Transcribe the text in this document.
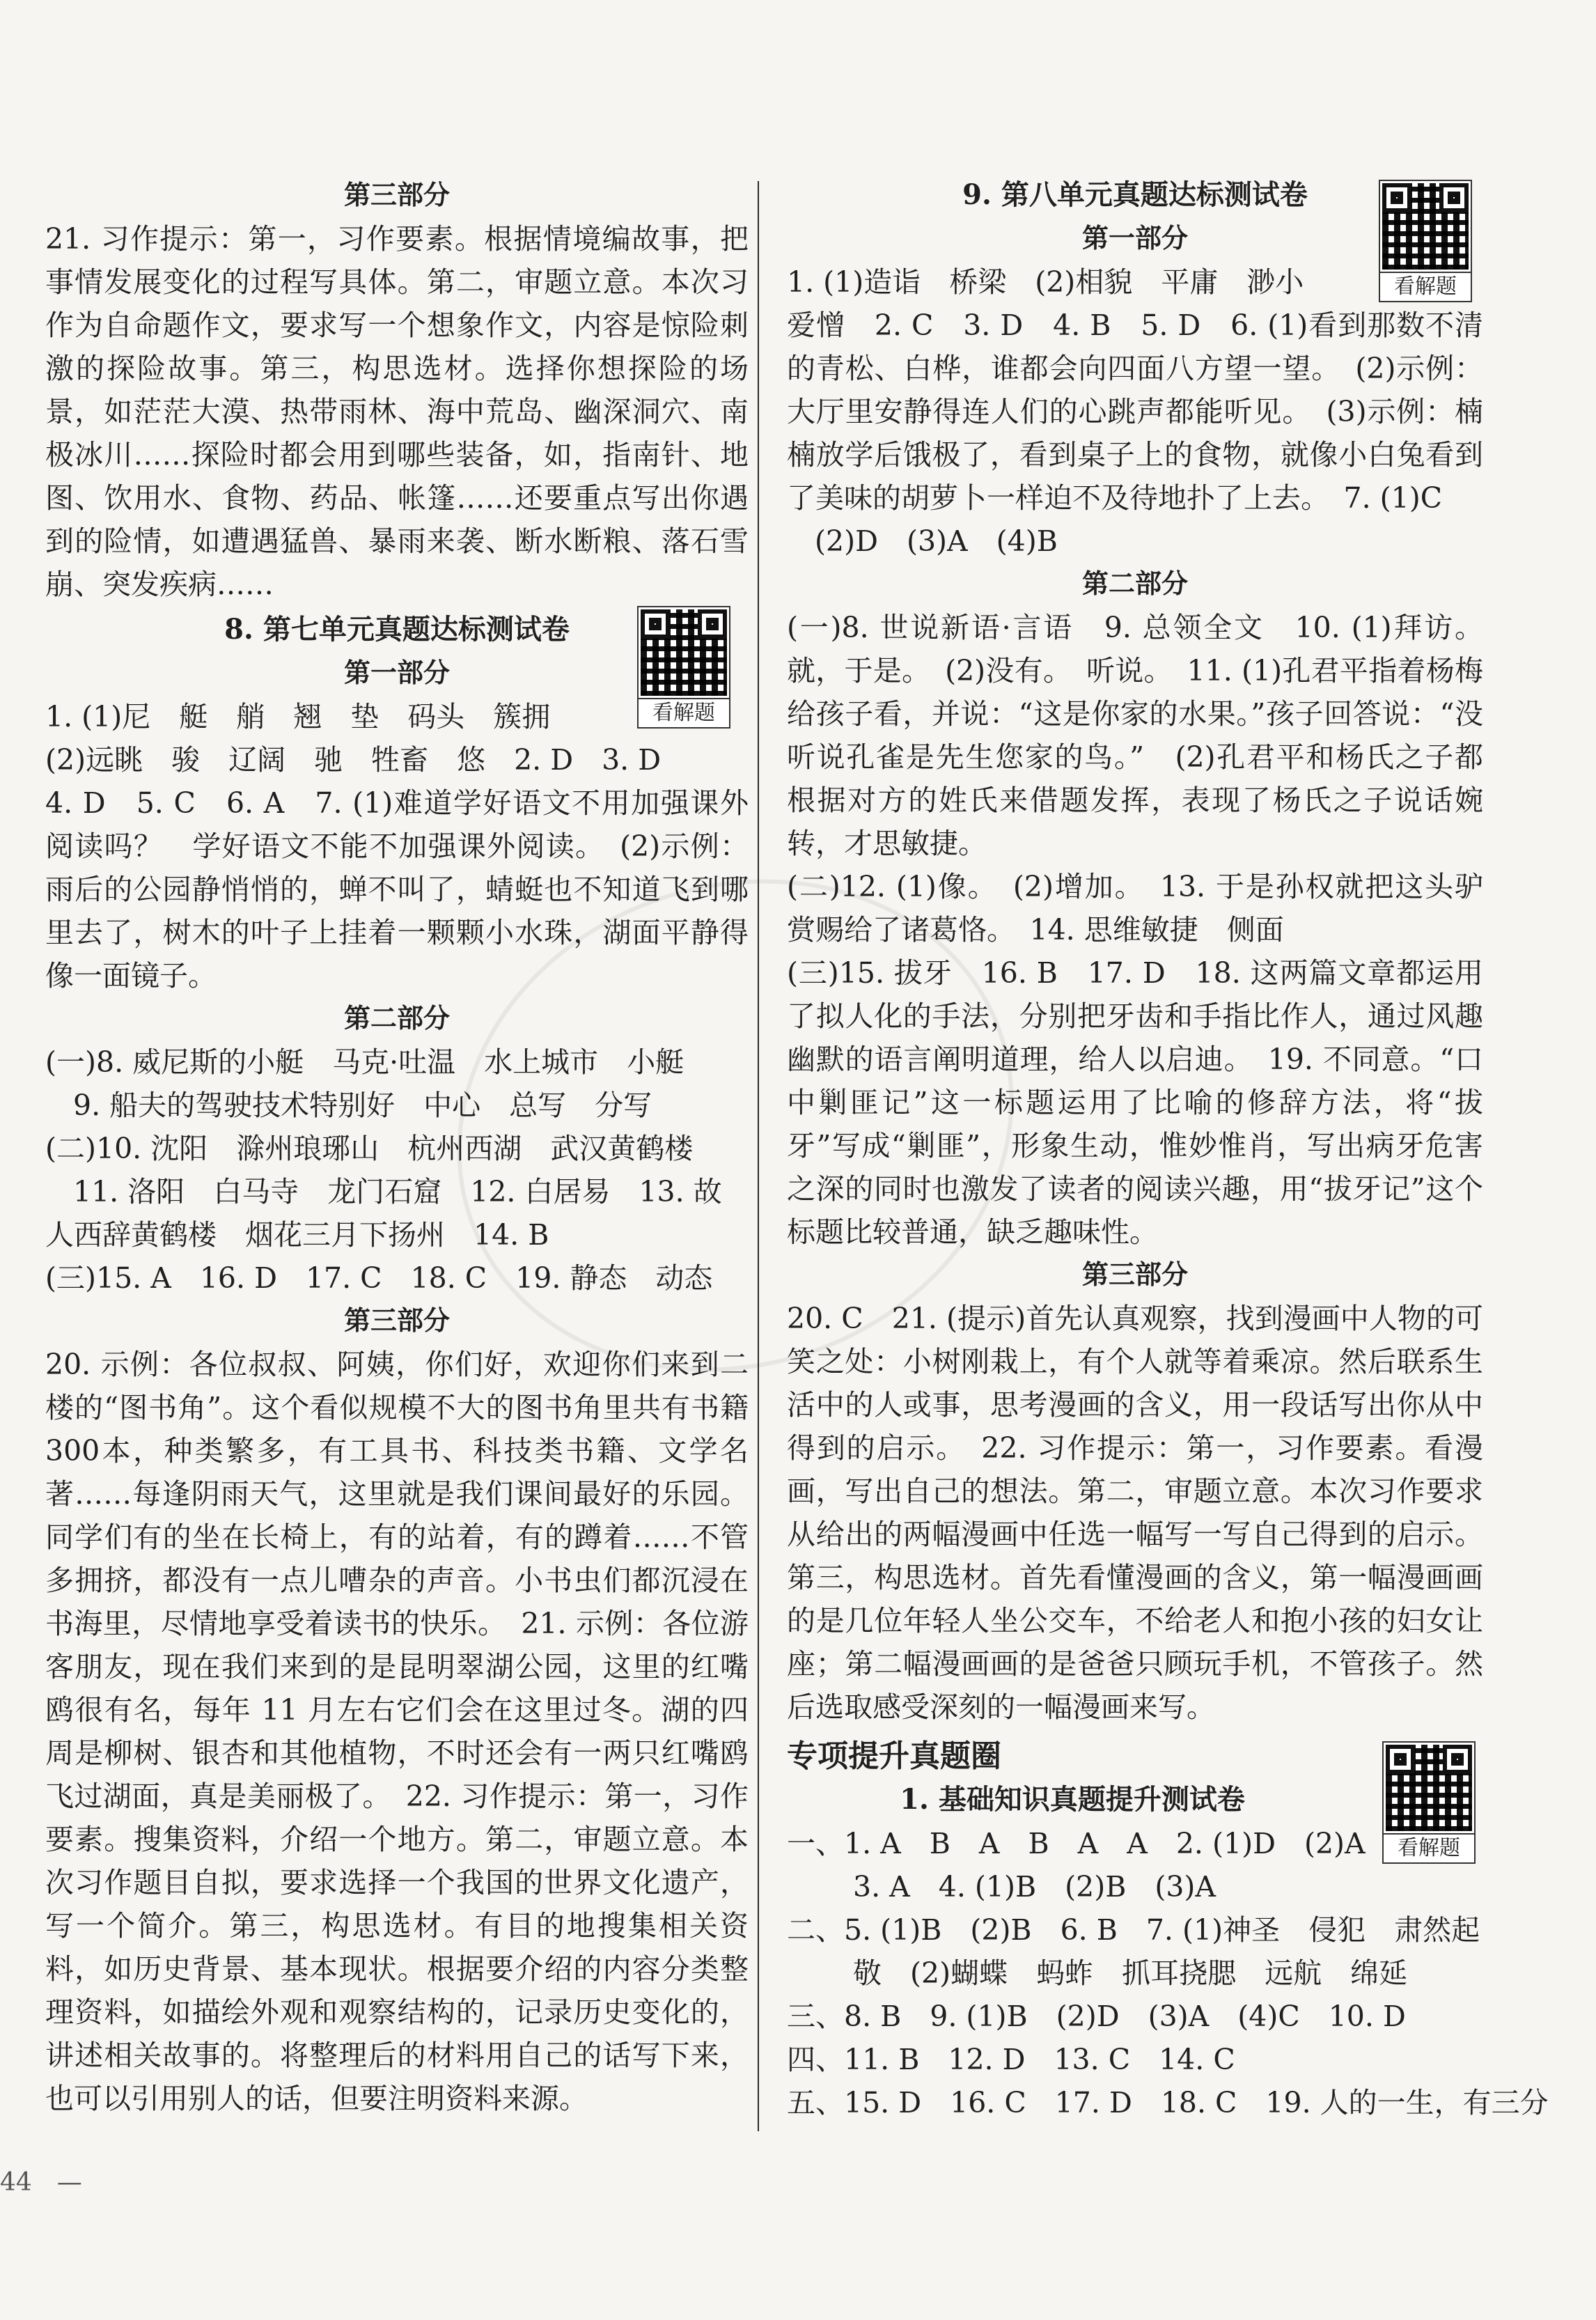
第三部分

21. 习作提示：第一，习作要素。根据情境编故事，把事情发展变化的过程写具体。第二，审题立意。本次习作为自命题作文，要求写一个想象作文，内容是惊险刺激的探险故事。第三，构思选材。选择你想探险的场景，如茫茫大漠、热带雨林、海中荒岛、幽深洞穴、南极冰川……探险时都会用到哪些装备，如，指南针、地图、饮用水、食物、药品、帐篷……还要重点写出你遇到的险情，如遭遇猛兽、暴雨来袭、断水断粮、落石雪崩、突发疾病……

8. 第七单元真题达标测试卷
第一部分
1. (1)尼　艇　艄　翘　垫　码头　簇拥
(2)远眺　骏　辽阔　驰　牲畜　悠　2. D　3. D

4. D　5. C　6. A　7. (1)难道学好语文不用加强课外阅读吗？　学好语文不能不加强课外阅读。　(2)示例：雨后的公园静悄悄的，蝉不叫了，蜻蜓也不知道飞到哪里去了，树木的叶子上挂着一颗颗小水珠，湖面平静得像一面镜子。

第二部分
(一)8. 威尼斯的小艇　马克·吐温　水上城市　小艇
9. 船夫的驾驶技术特别好　中心　总写　分写
(二)10. 沈阳　滁州琅琊山　杭州西湖　武汉黄鹤楼
11. 洛阳　白马寺　龙门石窟　12. 白居易　13. 故
人西辞黄鹤楼　烟花三月下扬州　14. B
(三)15. A　16. D　17. C　18. C　19. 静态　动态
第三部分

20. 示例：各位叔叔、阿姨，你们好，欢迎你们来到二楼的“图书角”。这个看似规模不大的图书角里共有书籍300本，种类繁多，有工具书、科技类书籍、文学名著……每逢阴雨天气，这里就是我们课间最好的乐园。同学们有的坐在长椅上，有的站着，有的蹲着……不管多拥挤，都没有一点儿嘈杂的声音。小书虫们都沉浸在书海里，尽情地享受着读书的快乐。　21. 示例：各位游客朋友，现在我们来到的是昆明翠湖公园，这里的红嘴鸥很有名，每年 11 月左右它们会在这里过冬。湖的四周是柳树、银杏和其他植物，不时还会有一两只红嘴鸥飞过湖面，真是美丽极了。　22. 习作提示：第一，习作要素。搜集资料，介绍一个地方。第二，审题立意。本次习作题目自拟，要求选择一个我国的世界文化遗产，写一个简介。第三，构思选材。有目的地搜集相关资料，如历史背景、基本现状。根据要介绍的内容分类整理资料，如描绘外观和观察结构的，记录历史变化的，讲述相关故事的。将整理后的材料用自己的话写下来，也可以引用别人的话，但要注明资料来源。

看解题
9. 第八单元真题达标测试卷
第一部分
1. (1)造诣　桥梁　(2)相貌　平庸　渺小

爱憎　2. C　3. D　4. B　5. D　6. (1)看到那数不清的青松、白桦，谁都会向四面八方望一望。　(2)示例：大厅里安静得连人们的心跳声都能听见。　(3)示例：楠楠放学后饿极了，看到桌子上的食物，就像小白兔看到了美味的胡萝卜一样迫不及待地扑了上去。　7. (1)C

(2)D　(3)A　(4)B
第二部分

(一)8. 世说新语·言语　9. 总领全文　10. (1)拜访。就，于是。　(2)没有。　听说。　11. (1)孔君平指着杨梅给孩子看，并说：“这是你家的水果。”孩子回答说：“没听说孔雀是先生您家的鸟。”　(2)孔君平和杨氏之子都根据对方的姓氏来借题发挥，表现了杨氏之子说话婉转，才思敏捷。

(二)12. (1)像。　(2)增加。　13. 于是孙权就把这头驴赏赐给了诸葛恪。　14. 思维敏捷　侧面

(三)15. 拔牙　16. B　17. D　18. 这两篇文章都运用了拟人化的手法，分别把牙齿和手指比作人，通过风趣幽默的语言阐明道理，给人以启迪。　19. 不同意。“口中剿匪记”这一标题运用了比喻的修辞方法，将“拔牙”写成“剿匪”，形象生动，惟妙惟肖，写出病牙危害之深的同时也激发了读者的阅读兴趣，用“拔牙记”这个标题比较普通，缺乏趣味性。

第三部分

20. C　21. (提示)首先认真观察，找到漫画中人物的可笑之处：小树刚栽上，有个人就等着乘凉。然后联系生活中的人或事，思考漫画的含义，用一段话写出你从中得到的启示。　22. 习作提示：第一，习作要素。看漫画，写出自己的想法。第二，审题立意。本次习作要求从给出的两幅漫画中任选一幅写一写自己得到的启示。第三，构思选材。首先看懂漫画的含义，第一幅漫画画的是几位年轻人坐公交车，不给老人和抱小孩的妇女让座；第二幅漫画画的是爸爸只顾玩手机，不管孩子。然后选取感受深刻的一幅漫画来写。

专项提升真题圈
1. 基础知识真题提升测试卷
一、1. A　B　A　B　A　A　2. (1)D　(2)A
3. A　4. (1)B　(2)B　(3)A
二、5. (1)B　(2)B　6. B　7. (1)神圣　侵犯　肃然起
敬　(2)蝴蝶　蚂蚱　抓耳挠腮　远航　绵延
三、8. B　9. (1)B　(2)D　(3)A　(4)C　10. D
四、11. B　12. D　13. C　14. C
五、15. D　16. C　17. D　18. C　19. 人的一生，有三分
看解题
看解题
44　—
